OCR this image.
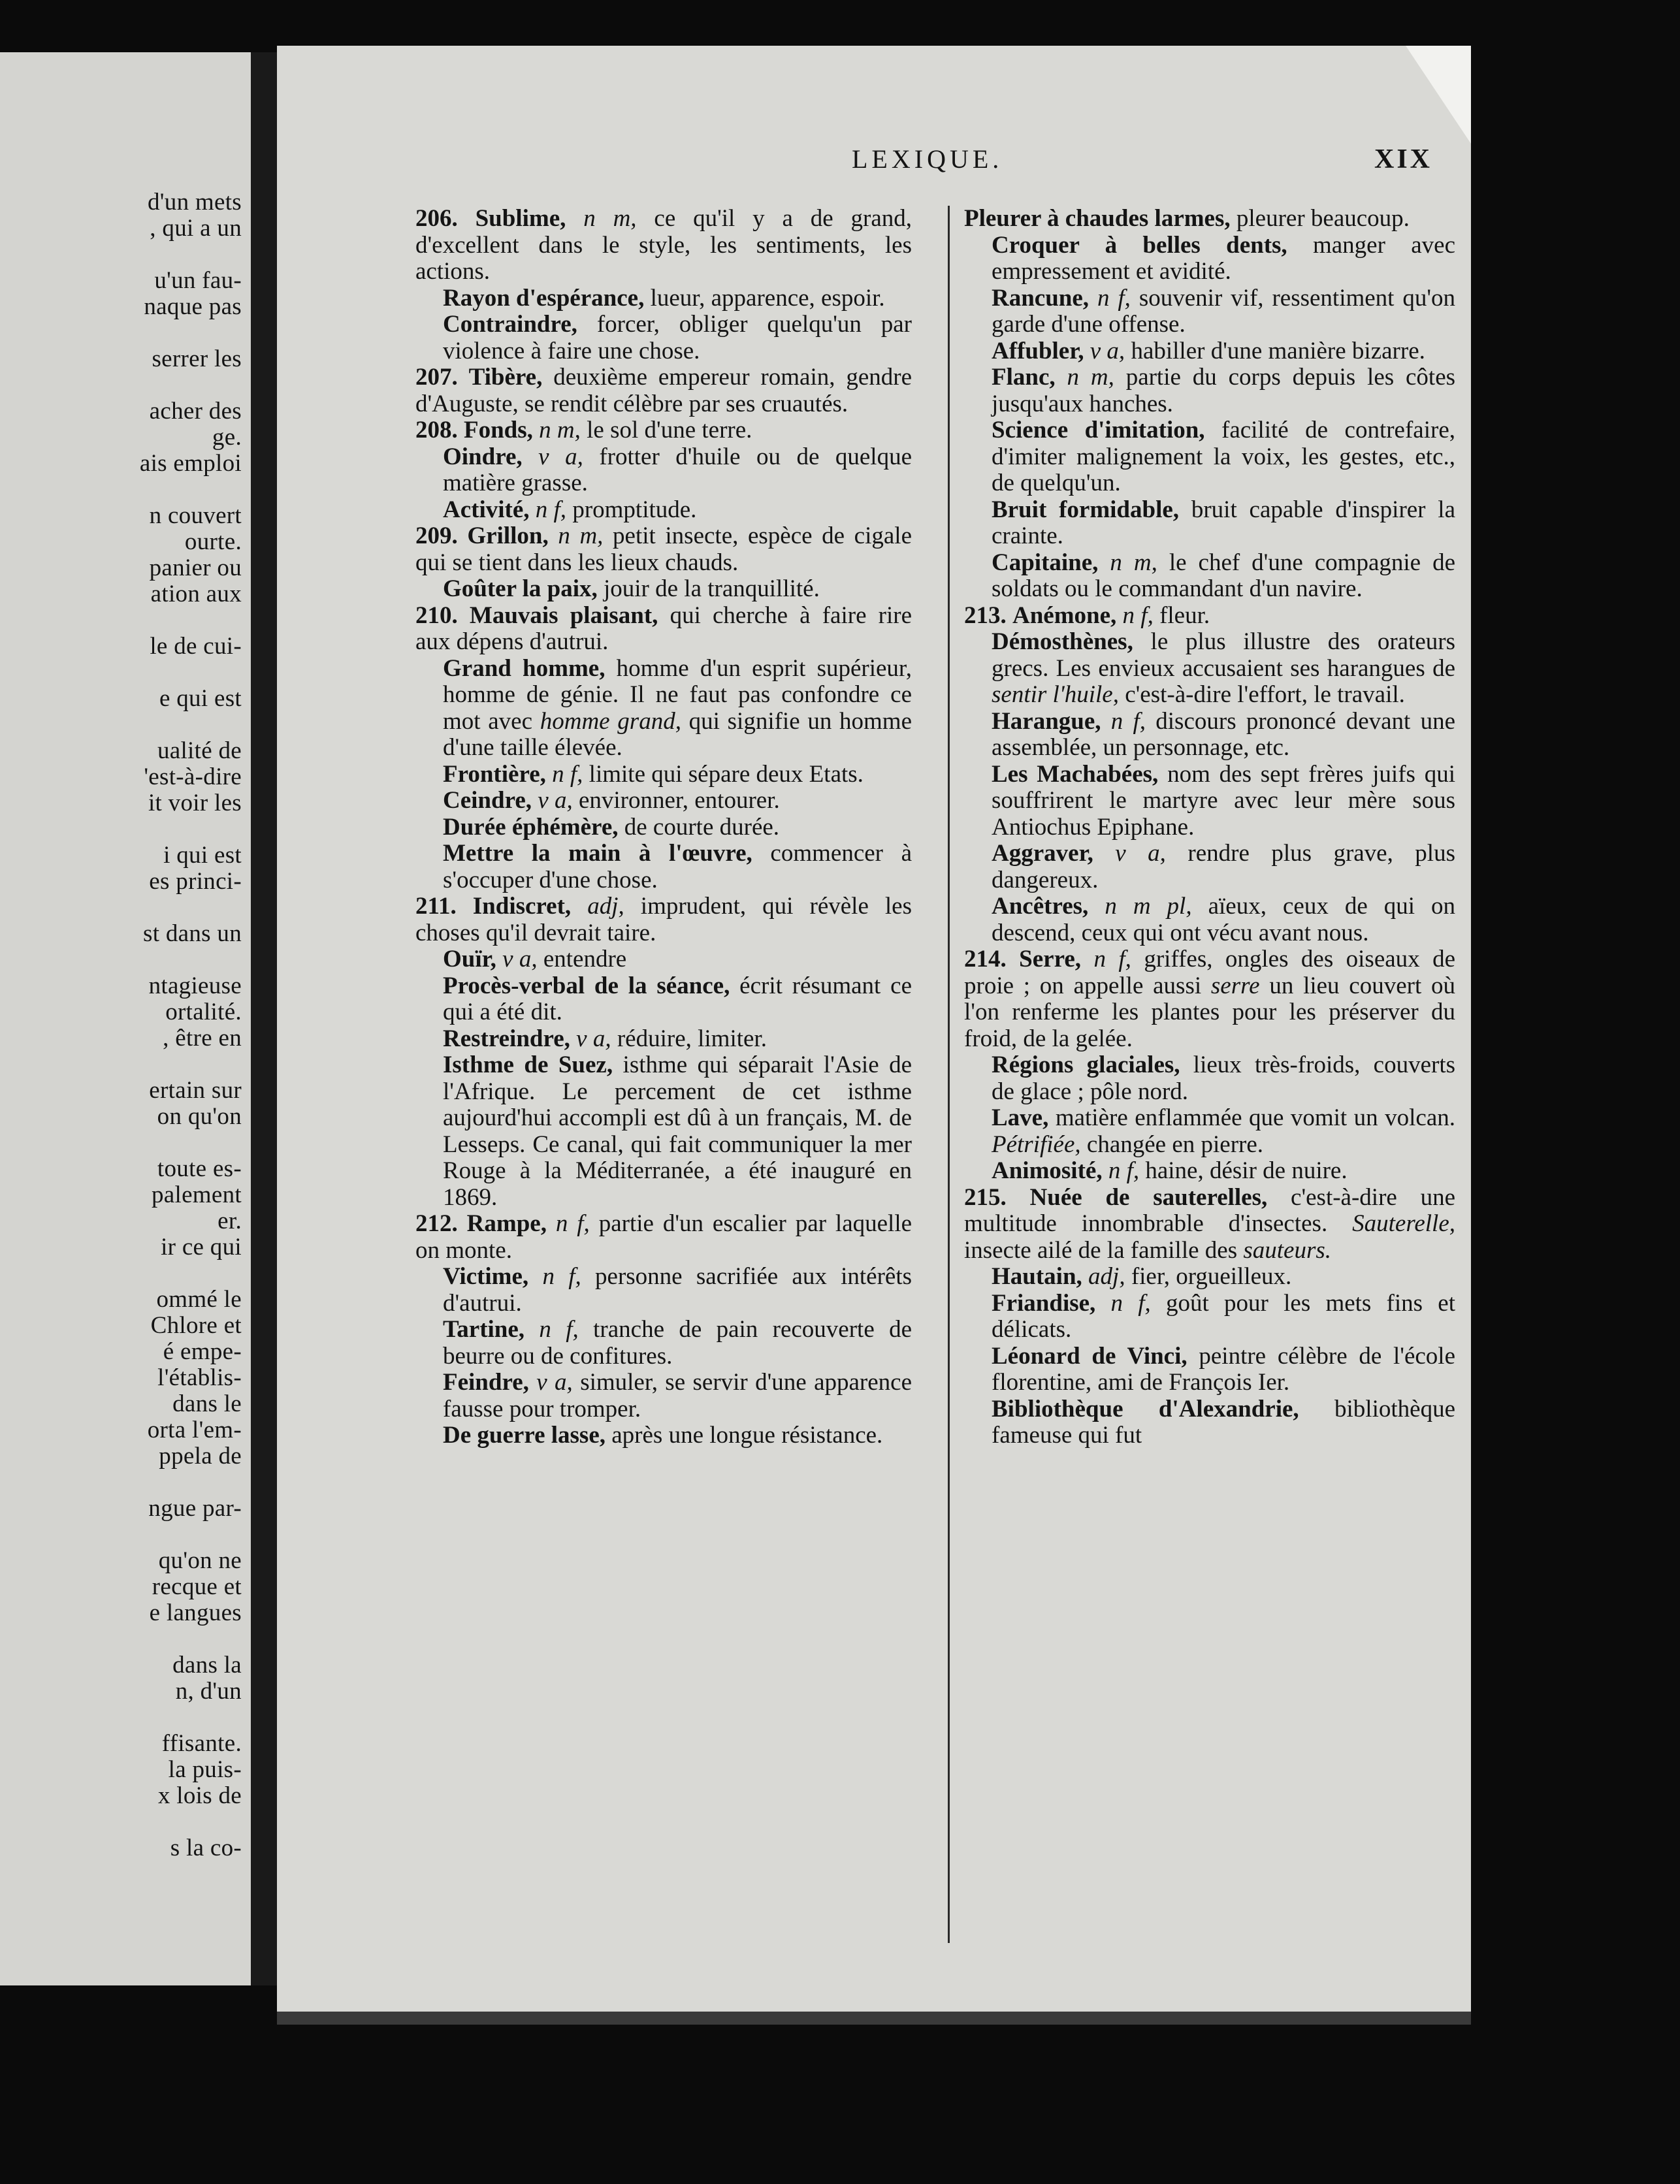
d'un mets
, qui a un
u'un fau-
naque pas
serrer les
acher des
ge.
ais emploi
n couvert
ourte.
panier ou
ation aux
le de cui-
e qui est
ualité de
'est-à-dire
it voir les
i qui est
es princi-
st dans un
ntagieuse
ortalité.
, être en
ertain sur
on qu'on
toute es-
palement
er.
ir ce qui
ommé le
Chlore et
é empe-
l'établis-
dans le
orta l'em-
ppela de
ngue par-
qu'on ne
recque et
e langues
dans la
n, d'un
ffisante.
la puis-
x lois de
s la co-
LEXIQUE.	XIX

206. Sublime, n m, ce qu'il y a de grand, d'excellent dans le style, les sentiments, les actions.

Rayon d'espérance, lueur, apparence, espoir.

Contraindre, forcer, obliger quelqu'un par violence à faire une chose.

207. Tibère, deuxième empereur romain, gendre d'Auguste, se rendit célèbre par ses cruautés.

208. Fonds, n m, le sol d'une terre.

Oindre, v a, frotter d'huile ou de quelque matière grasse.

Activité, n f, promptitude.

209. Grillon, n m, petit insecte, espèce de cigale qui se tient dans les lieux chauds.

Goûter la paix, jouir de la tranquillité.

210. Mauvais plaisant, qui cherche à faire rire aux dépens d'autrui.

Grand homme, homme d'un esprit supérieur, homme de génie. Il ne faut pas confondre ce mot avec homme grand, qui signifie un homme d'une taille élevée.

Frontière, n f, limite qui sépare deux Etats.

Ceindre, v a, environner, entourer.

Durée éphémère, de courte durée.

Mettre la main à l'œuvre, commencer à s'occuper d'une chose.

211. Indiscret, adj, imprudent, qui révèle les choses qu'il devrait taire.

Ouïr, v a, entendre

Procès-verbal de la séance, écrit résumant ce qui a été dit.

Restreindre, v a, réduire, limiter.

Isthme de Suez, isthme qui séparait l'Asie de l'Afrique. Le percement de cet isthme aujourd'hui accompli est dû à un français, M. de Lesseps. Ce canal, qui fait communiquer la mer Rouge à la Méditerranée, a été inauguré en 1869.

212. Rampe, n f, partie d'un escalier par laquelle on monte.

Victime, n f, personne sacrifiée aux intérêts d'autrui.

Tartine, n f, tranche de pain recouverte de beurre ou de confitures.

Feindre, v a, simuler, se servir d'une apparence fausse pour tromper.

De guerre lasse, après une longue résistance.

Pleurer à chaudes larmes, pleurer beaucoup.

Croquer à belles dents, manger avec empressement et avidité.

Rancune, n f, souvenir vif, ressentiment qu'on garde d'une offense.

Affubler, v a, habiller d'une manière bizarre.

Flanc, n m, partie du corps depuis les côtes jusqu'aux hanches.

Science d'imitation, facilité de contrefaire, d'imiter malignement la voix, les gestes, etc., de quelqu'un.

Bruit formidable, bruit capable d'inspirer la crainte.

Capitaine, n m, le chef d'une compagnie de soldats ou le commandant d'un navire.

213. Anémone, n f, fleur.

Démosthènes, le plus illustre des orateurs grecs. Les envieux accusaient ses harangues de sentir l'huile, c'est-à-dire l'effort, le travail.

Harangue, n f, discours prononcé devant une assemblée, un personnage, etc.

Les Machabées, nom des sept frères juifs qui souffrirent le martyre avec leur mère sous Antiochus Epiphane.

Aggraver, v a, rendre plus grave, plus dangereux.

Ancêtres, n m pl, aïeux, ceux de qui on descend, ceux qui ont vécu avant nous.

214. Serre, n f, griffes, ongles des oiseaux de proie ; on appelle aussi serre un lieu couvert où l'on renferme les plantes pour les préserver du froid, de la gelée.

Régions glaciales, lieux très-froids, couverts de glace ; pôle nord.

Lave, matière enflammée que vomit un volcan. Pétrifiée, changée en pierre.

Animosité, n f, haine, désir de nuire.

215. Nuée de sauterelles, c'est-à-dire une multitude innombrable d'insectes. Sauterelle, insecte ailé de la famille des sauteurs.

Hautain, adj, fier, orgueilleux.

Friandise, n f, goût pour les mets fins et délicats.

Léonard de Vinci, peintre célèbre de l'école florentine, ami de François Ier.

Bibliothèque d'Alexandrie, bibliothèque fameuse qui fut
